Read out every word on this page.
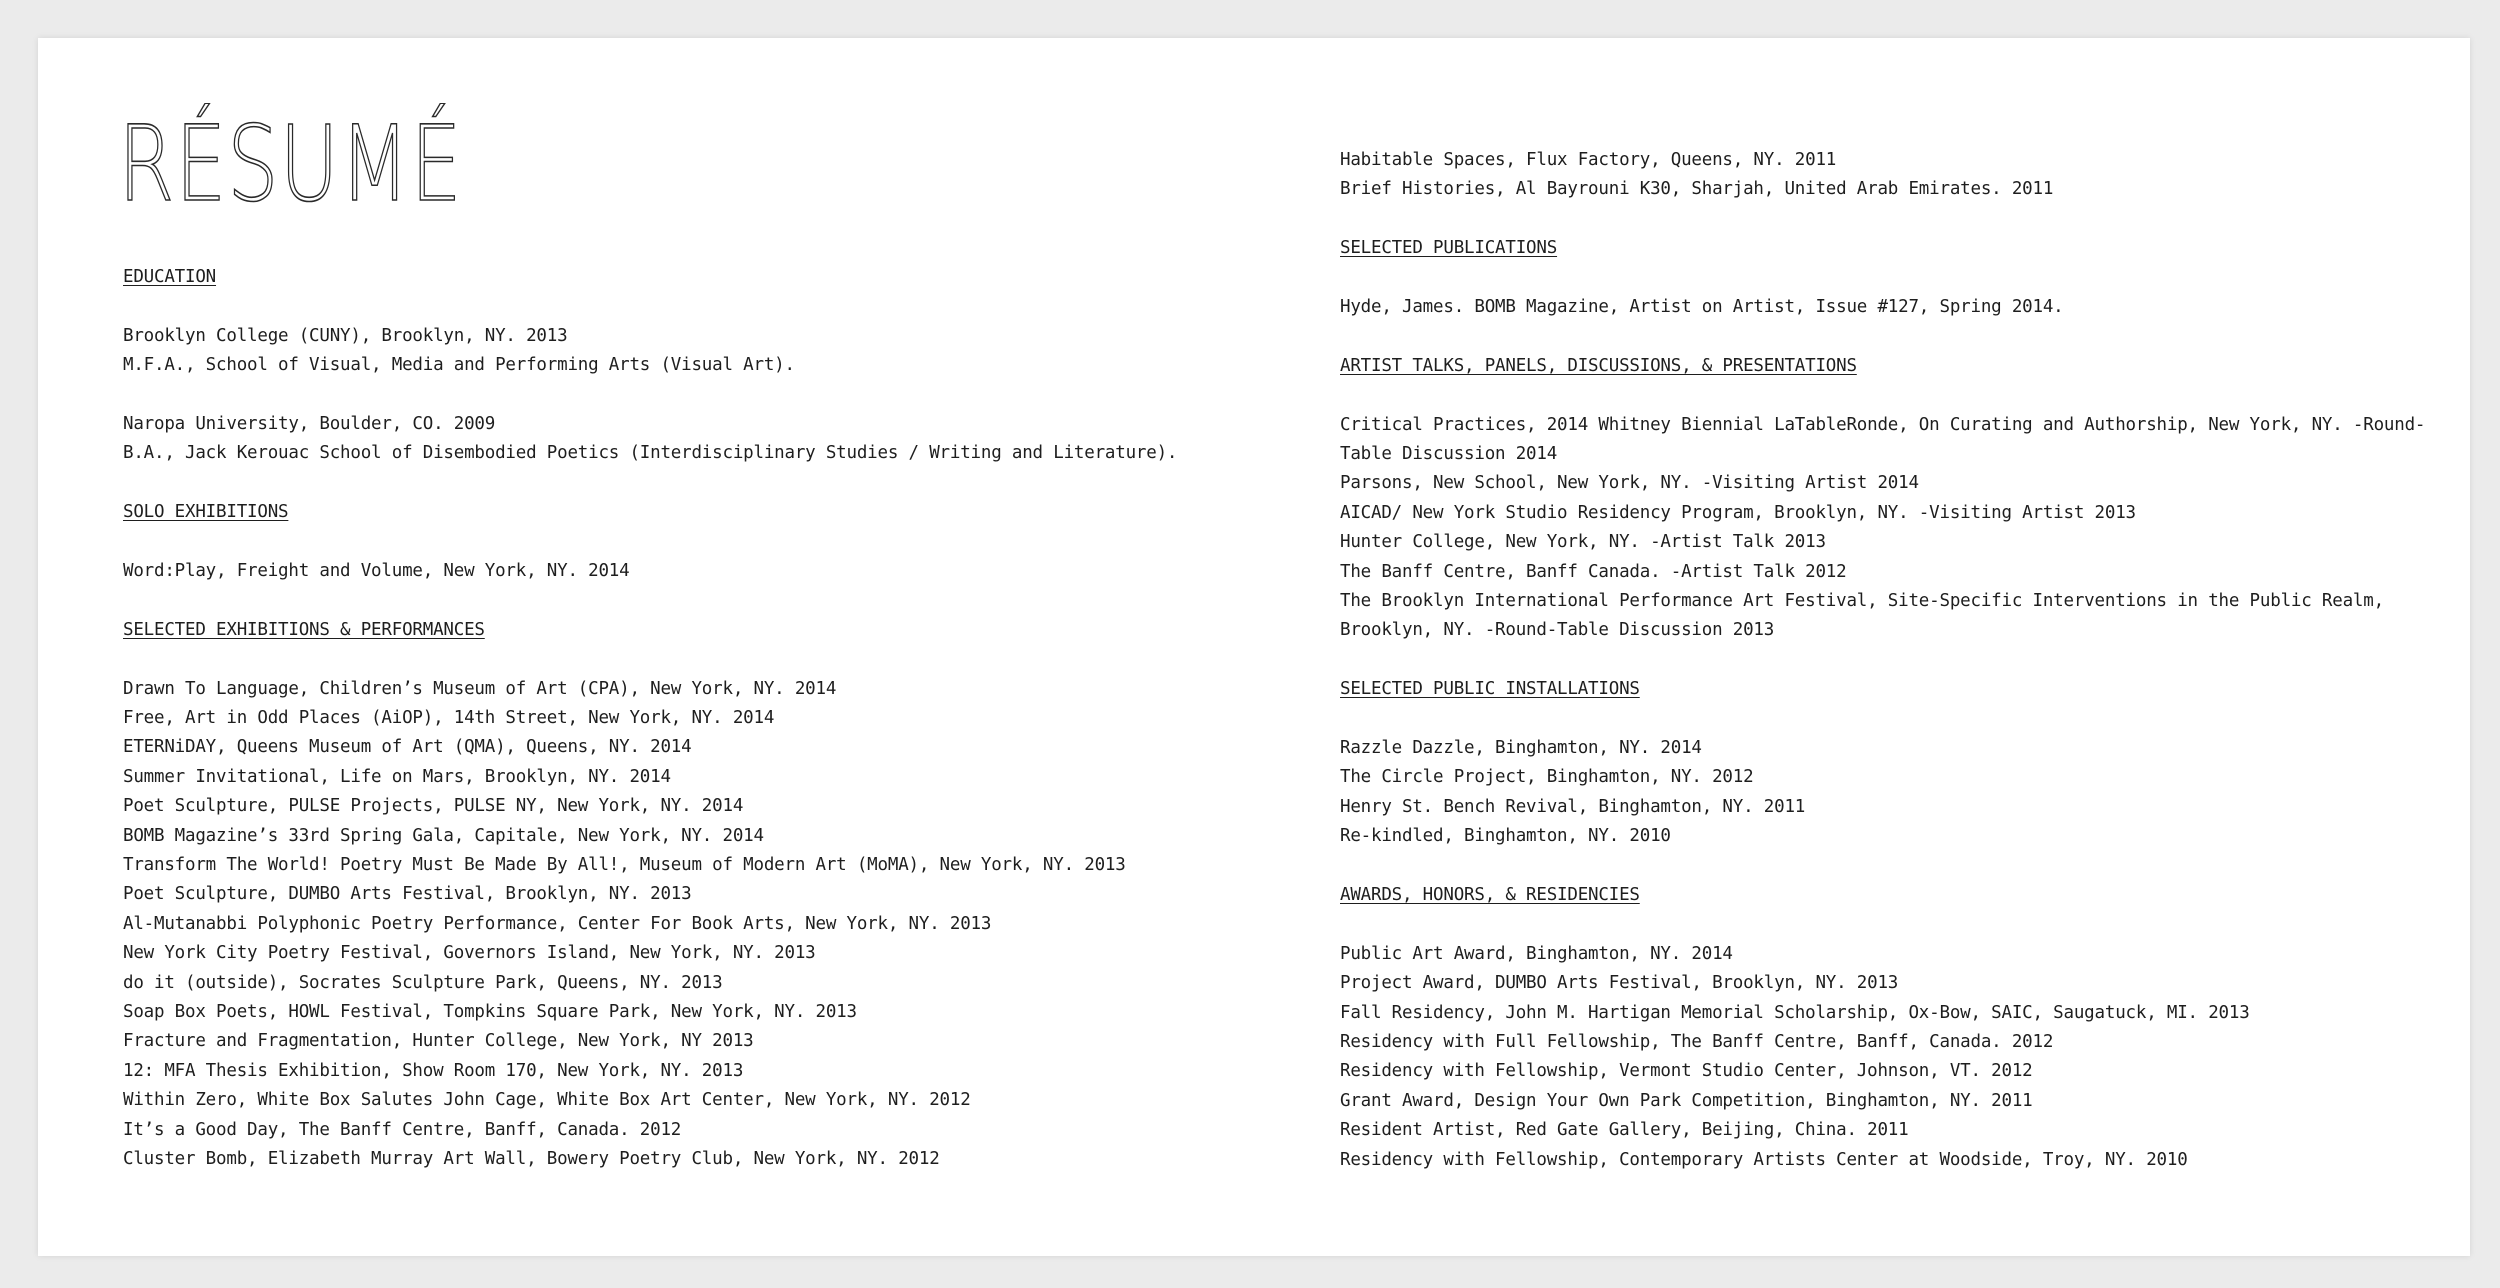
RÉSUMÉ

EDUCATION

Brooklyn College (CUNY), Brooklyn, NY. 2013

M.F.A., School of Visual, Media and Performing Arts (Visual Art).

Naropa University, Boulder, CO. 2009

B.A., Jack Kerouac School of Disembodied Poetics (Interdisciplinary Studies / Writing and Literature).

SOLO EXHIBITIONS

Word:Play, Freight and Volume, New York, NY. 2014

SELECTED EXHIBITIONS & PERFORMANCES

Drawn To Language, Children’s Museum of Art (CPA), New York, NY. 2014

Free, Art in Odd Places (AiOP), 14th Street, New York, NY. 2014

ETERNiDAY, Queens Museum of Art (QMA), Queens, NY. 2014

Summer Invitational, Life on Mars, Brooklyn, NY. 2014

Poet Sculpture, PULSE Projects, PULSE NY, New York, NY. 2014

BOMB Magazine’s 33rd Spring Gala, Capitale, New York, NY. 2014

Transform The World! Poetry Must Be Made By All!, Museum of Modern Art (MoMA), New York, NY. 2013

Poet Sculpture, DUMBO Arts Festival, Brooklyn, NY. 2013

Al-Mutanabbi Polyphonic Poetry Performance, Center For Book Arts, New York, NY. 2013

New York City Poetry Festival, Governors Island, New York, NY. 2013

do it (outside), Socrates Sculpture Park, Queens, NY. 2013

Soap Box Poets, HOWL Festival, Tompkins Square Park, New York, NY. 2013

Fracture and Fragmentation, Hunter College, New York, NY 2013

12: MFA Thesis Exhibition, Show Room 170, New York, NY. 2013

Within Zero, White Box Salutes John Cage, White Box Art Center, New York, NY. 2012

It’s a Good Day, The Banff Centre, Banff, Canada. 2012

Cluster Bomb, Elizabeth Murray Art Wall, Bowery Poetry Club, New York, NY. 2012

Habitable Spaces, Flux Factory, Queens, NY. 2011

Brief Histories, Al Bayrouni K30, Sharjah, United Arab Emirates. 2011

SELECTED PUBLICATIONS

Hyde, James. BOMB Magazine, Artist on Artist, Issue #127, Spring 2014.

ARTIST TALKS, PANELS, DISCUSSIONS, & PRESENTATIONS

Critical Practices, 2014 Whitney Biennial LaTableRonde, On Curating and Authorship, New York, NY. -Round-Table Discussion 2014

Parsons, New School, New York, NY. -Visiting Artist 2014

AICAD/ New York Studio Residency Program, Brooklyn, NY. -Visiting Artist 2013

Hunter College, New York, NY. -Artist Talk 2013

The Banff Centre, Banff Canada. -Artist Talk 2012

The Brooklyn International Performance Art Festival, Site-Specific Interventions in the Public Realm, Brooklyn, NY. -Round-Table Discussion 2013

SELECTED PUBLIC INSTALLATIONS

Razzle Dazzle, Binghamton, NY. 2014

The Circle Project, Binghamton, NY. 2012

Henry St. Bench Revival, Binghamton, NY. 2011

Re-kindled, Binghamton, NY. 2010

AWARDS, HONORS, & RESIDENCIES

Public Art Award, Binghamton, NY. 2014

Project Award, DUMBO Arts Festival, Brooklyn, NY. 2013

Fall Residency, John M. Hartigan Memorial Scholarship, Ox-Bow, SAIC, Saugatuck, MI. 2013

Residency with Full Fellowship, The Banff Centre, Banff, Canada. 2012

Residency with Fellowship, Vermont Studio Center, Johnson, VT. 2012

Grant Award, Design Your Own Park Competition, Binghamton, NY. 2011

Resident Artist, Red Gate Gallery, Beijing, China. 2011

Residency with Fellowship, Contemporary Artists Center at Woodside, Troy, NY. 2010
